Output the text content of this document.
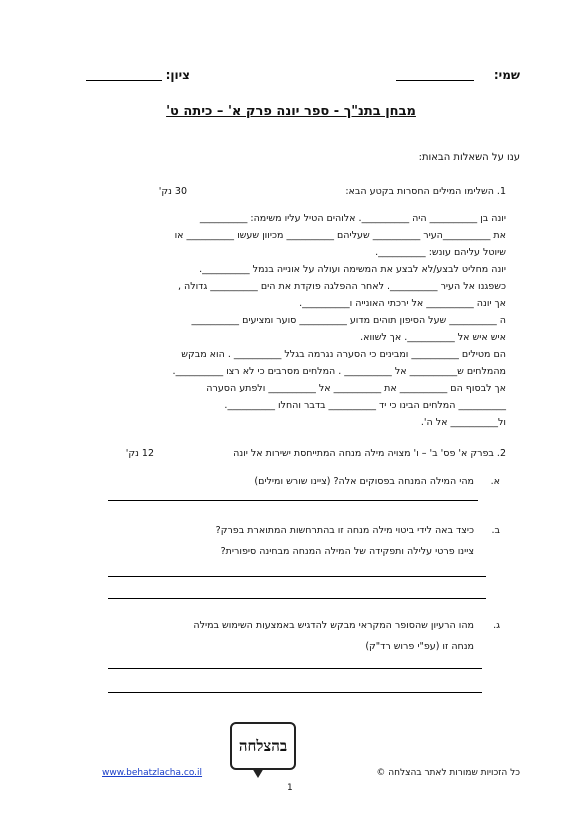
שמי:
ציון:
מבחן בתנ"ך - ספר יונה פרק א' – כיתה ט'
ענו על השאלות הבאות:
1. השלימו המילים החסרות בקטע הבא:
30 נק'
יונה בן __________ היה __________. אלוהים הטיל עליו משימה: __________
את __________העיר __________ שעליהם __________ מכיוון שעשו __________ או
שיוטל עליהם עונש: __________.
יונה מחליט לבצע/לא לבצע את המשימה ועולה על אונייה בנמל __________.
כשפגנו אל העיר __________. לאחר ההפלגה פוקדת את הים __________ גדולה ,
אך יונה __________ אל ירכתי האונייה ו__________.
ה __________ שעל הסיפון תוהים מדוע __________ סוער ומציעים __________
איש איש אל __________. אך לשווא.
הם מטילים __________ ומבינים כי הסערה נגרמה בגלל __________ . הוא מבקש
מהמלחים ש__________ אל __________ . המלחים מסרבים כי לא רצו __________.
אך לבסוף הם __________ את __________ אל __________ ולפתע הסערה
__________ המלחים הבינו כי יד __________ בדבר והחלו __________.
ול__________ אל ה'.
2. בפרק א' פס' ב' – ו' מצויה מילה מנחה המתייחסת ישירות אל יונה
12 נק'
א.
מהי המילה המנחה בפסוקים אלה? (ציינו שורש ומילים)
ב.
כיצד באה לידי ביטוי מילה מנחה זו בהתרחשות המתוארת בפרק?
ציינו פרטי עלילה ותפקידה של המילה המנחה מבחינה סיפורית?
ג.
מהו הרעיון שהסופר המקראי מבקש להדגיש באמצעות השימוש במילה
מנחה זו (עפ"י פרוש רד"ק)
בהצלחה
כל הזכויות שמורות לאתר בהצלחה ©
www.behatzlacha.co.il
1
